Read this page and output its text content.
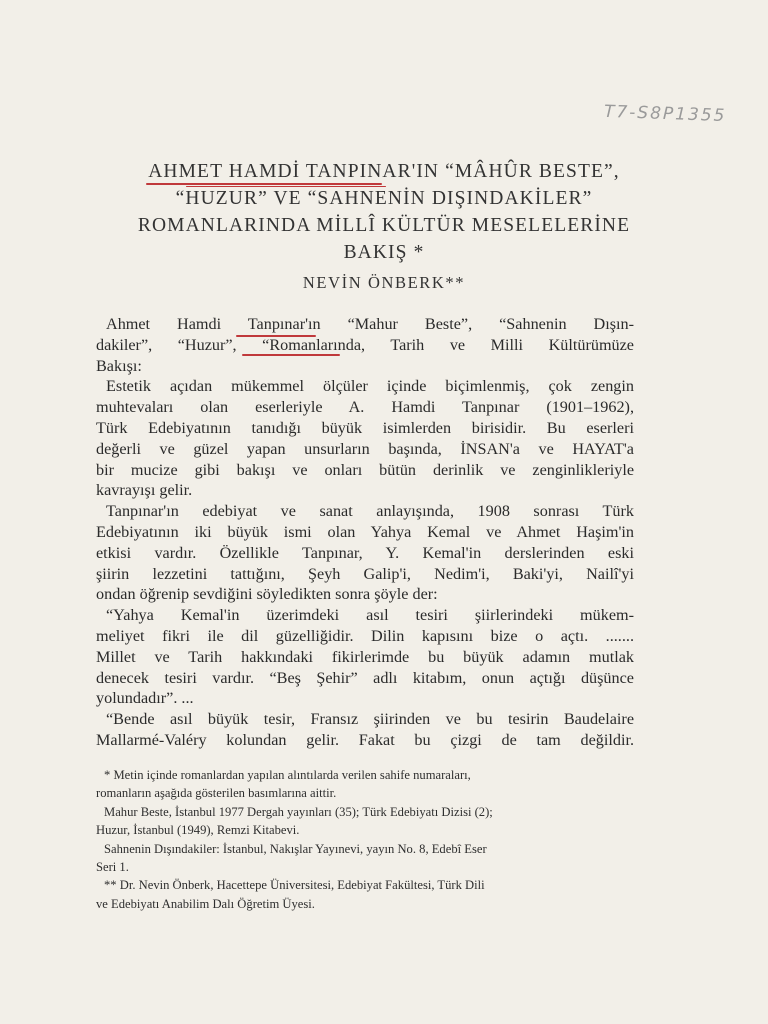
T7-S8P1355
AHMET HAMDİ TANPINAR'IN “MÂHÛR BESTE”,
“HUZUR” VE “SAHNENİN DIŞINDAKİLER”
ROMANLARINDA MİLLÎ KÜLTÜR MESELELERİNE
BAKIŞ *
NEVİN ÖNBERK**

Ahmet Hamdi Tanpınar'ın “Mahur Beste”, “Sahnenin Dışın-
dakiler”, “Huzur”, “Romanlarında, Tarih ve Milli Kültürümüze
Bakışı:

Estetik açıdan mükemmel ölçüler içinde biçimlenmiş, çok zengin
muhtevaları olan eserleriyle A. Hamdi Tanpınar (1901–1962),
Türk Edebiyatının tanıdığı büyük isimlerden birisidir. Bu eserleri
değerli ve güzel yapan unsurların başında, İNSAN'a ve HAYAT'a
bir mucize gibi bakışı ve onları bütün derinlik ve zenginlikleriyle
kavrayışı gelir.

Tanpınar'ın edebiyat ve sanat anlayışında, 1908 sonrası Türk
Edebiyatının iki büyük ismi olan Yahya Kemal ve Ahmet Haşim'in
etkisi vardır. Özellikle Tanpınar, Y. Kemal'in derslerinden eski
şiirin lezzetini tattığını, Şeyh Galip'i, Nedim'i, Baki'yi, Nailî'yi
ondan öğrenip sevdiğini söyledikten sonra şöyle der:

“Yahya Kemal'in üzerimdeki asıl tesiri şiirlerindeki mükem-
meliyet fikri ile dil güzelliğidir. Dilin kapısını bize o açtı. .......
Millet ve Tarih hakkındaki fikirlerimde bu büyük adamın mutlak
denecek tesiri vardır. “Beş Şehir” adlı kitabım, onun açtığı düşünce
yolundadır”. ...

“Bende asıl büyük tesir, Fransız şiirinden ve bu tesirin Baudelaire
Mallarmé-Valéry kolundan gelir. Fakat bu çizgi de tam değildir.

* Metin içinde romanlardan yapılan alıntılarda verilen sahife numaraları,
romanların aşağıda gösterilen basımlarına aittir.
Mahur Beste, İstanbul 1977 Dergah yayınları (35); Türk Edebiyatı Dizisi (2);
Huzur, İstanbul (1949), Remzi Kitabevi.
Sahnenin Dışındakiler: İstanbul, Nakışlar Yayınevi, yayın No. 8, Edebî Eser
Seri 1.
** Dr. Nevin Önberk, Hacettepe Üniversitesi, Edebiyat Fakültesi, Türk Dili
ve Edebiyatı Anabilim Dalı Öğretim Üyesi.
